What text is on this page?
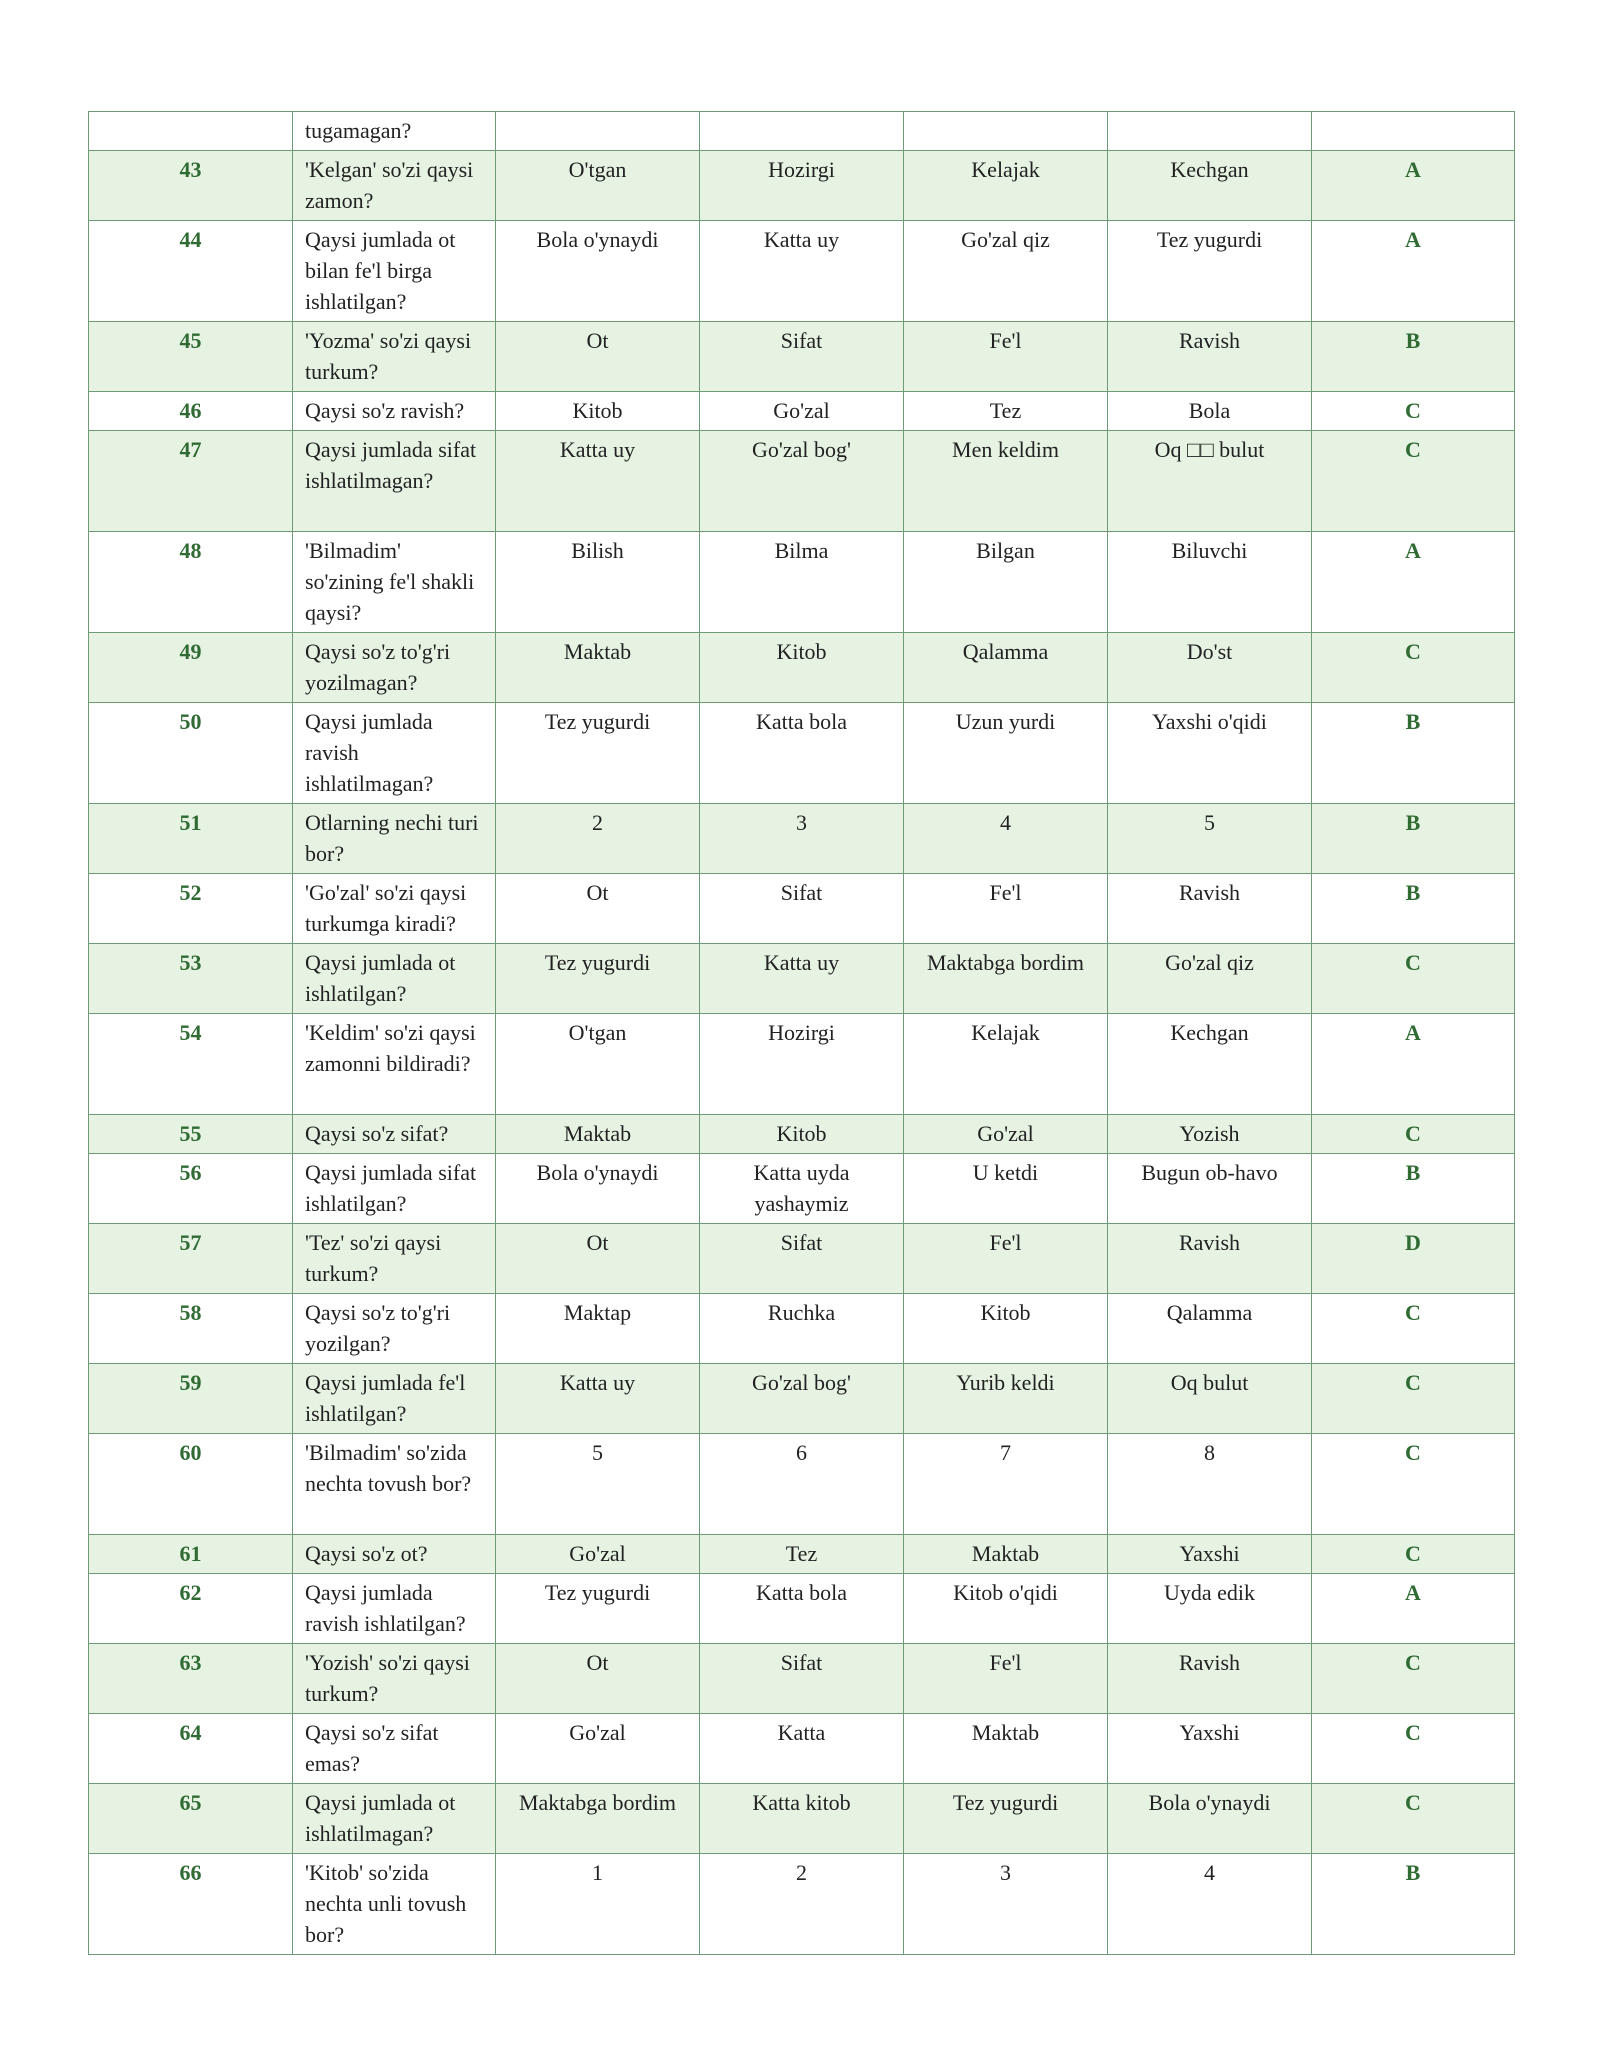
	tugamagan?					
43	'Kelgan' so'zi qaysi zamon?	O'tgan	Hozirgi	Kelajak	Kechgan	A
44	Qaysi jumlada ot bilan fe'l birga ishlatilgan?	Bola o'ynaydi	Katta uy	Go'zal qiz	Tez yugurdi	A
45	'Yozma' so'zi qaysi turkum?	Ot	Sifat	Fe'l	Ravish	B
46	Qaysi so'z ravish?	Kitob	Go'zal	Tez	Bola	C
47	Qaysi jumlada sifat ishlatilmagan?	Katta uy	Go'zal bog'	Men keldim	Oq □□ bulut	C
48	'Bilmadim' so'zining fe'l shakli qaysi?	Bilish	Bilma	Bilgan	Biluvchi	A
49	Qaysi so'z to'g'ri yozilmagan?	Maktab	Kitob	Qalamma	Do'st	C
50	Qaysi jumlada ravish ishlatilmagan?	Tez yugurdi	Katta bola	Uzun yurdi	Yaxshi o'qidi	B
51	Otlarning nechi turi bor?	2	3	4	5	B
52	'Go'zal' so'zi qaysi turkumga kiradi?	Ot	Sifat	Fe'l	Ravish	B
53	Qaysi jumlada ot ishlatilgan?	Tez yugurdi	Katta uy	Maktabga bordim	Go'zal qiz	C
54	'Keldim' so'zi qaysi zamonni bildiradi?	O'tgan	Hozirgi	Kelajak	Kechgan	A
55	Qaysi so'z sifat?	Maktab	Kitob	Go'zal	Yozish	C
56	Qaysi jumlada sifat ishlatilgan?	Bola o'ynaydi	Katta uyda yashaymiz	U ketdi	Bugun ob-havo	B
57	'Tez' so'zi qaysi turkum?	Ot	Sifat	Fe'l	Ravish	D
58	Qaysi so'z to'g'ri yozilgan?	Maktap	Ruchka	Kitob	Qalamma	C
59	Qaysi jumlada fe'l ishlatilgan?	Katta uy	Go'zal bog'	Yurib keldi	Oq bulut	C
60	'Bilmadim' so'zida nechta tovush bor?	5	6	7	8	C
61	Qaysi so'z ot?	Go'zal	Tez	Maktab	Yaxshi	C
62	Qaysi jumlada ravish ishlatilgan?	Tez yugurdi	Katta bola	Kitob o'qidi	Uyda edik	A
63	'Yozish' so'zi qaysi turkum?	Ot	Sifat	Fe'l	Ravish	C
64	Qaysi so'z sifat emas?	Go'zal	Katta	Maktab	Yaxshi	C
65	Qaysi jumlada ot ishlatilmagan?	Maktabga bordim	Katta kitob	Tez yugurdi	Bola o'ynaydi	C
66	'Kitob' so'zida nechta unli tovush bor?	1	2	3	4	B
